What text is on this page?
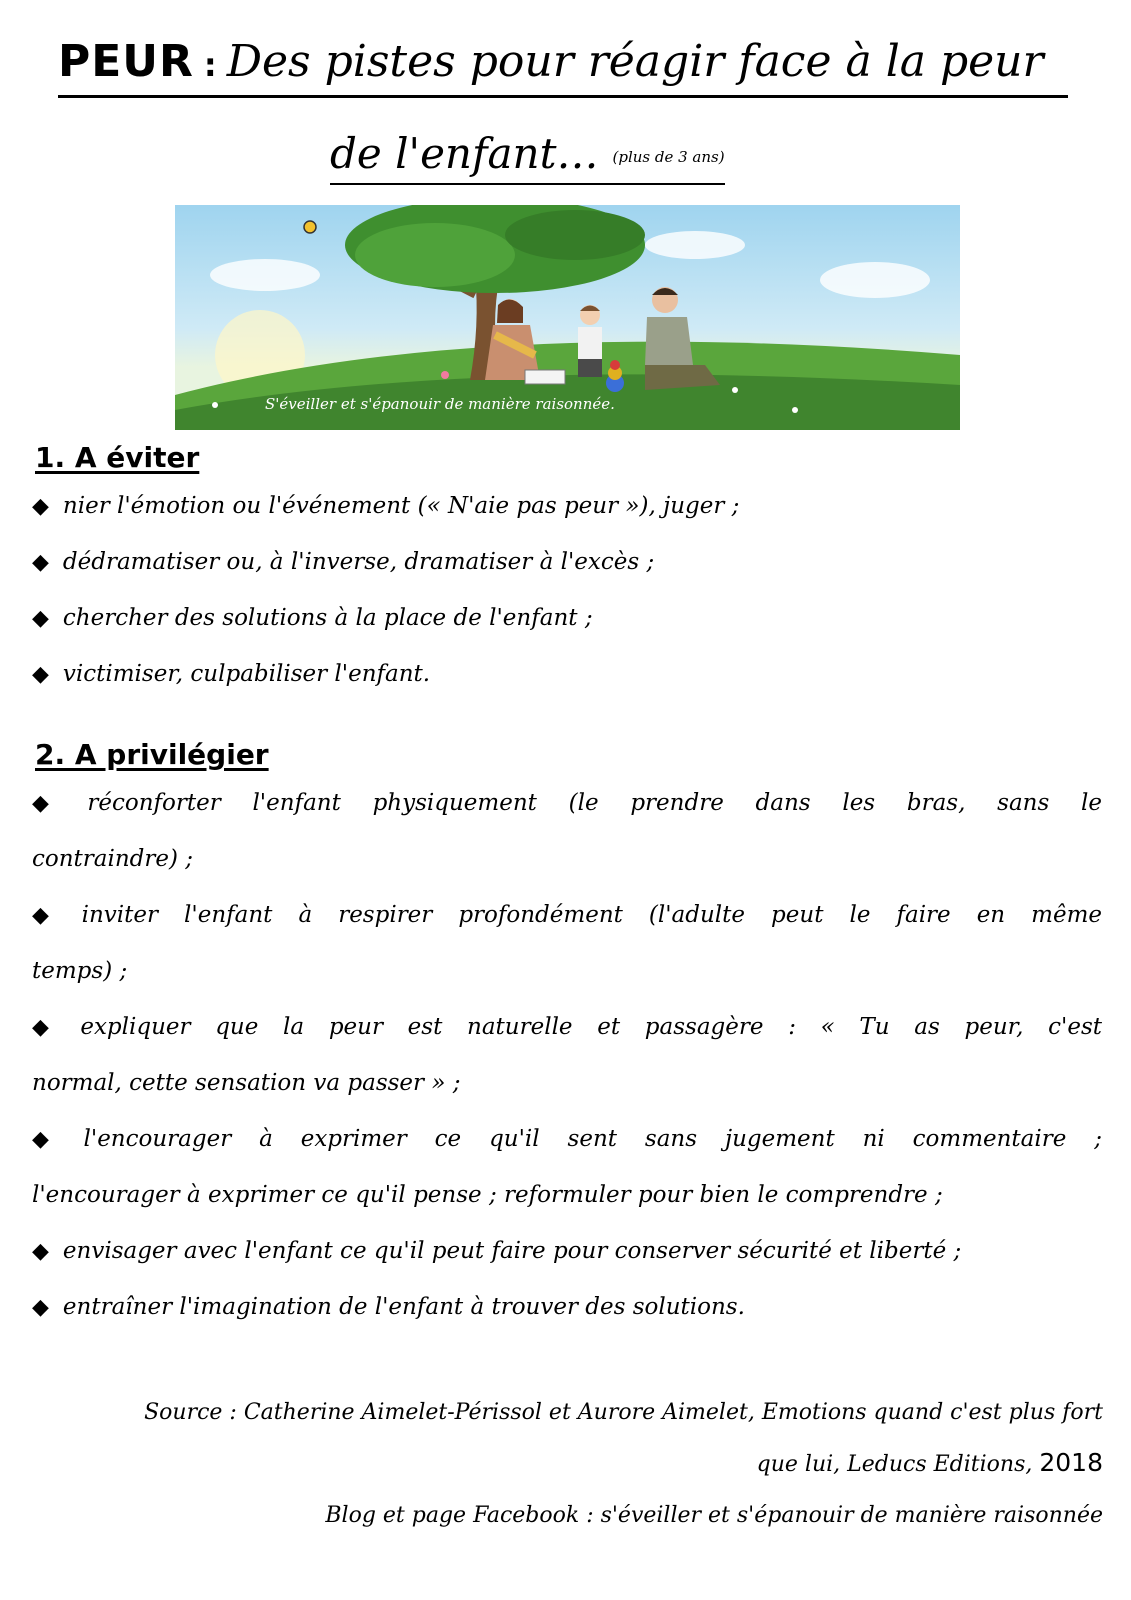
PEUR : Des pistes pour réagir face à la peur
de l'enfant… (plus de 3 ans)
S'éveiller et s'épanouir de manière raisonnée.
1. A éviter
◆ nier l'émotion ou l'événement (« N'aie pas peur »), juger ;
◆ dédramatiser ou, à l'inverse, dramatiser à l'excès ;
◆ chercher des solutions à la place de l'enfant ;
◆ victimiser, culpabiliser l'enfant.
2. A privilégier
◆ réconforter l'enfant physiquement (le prendre dans les bras, sans le
contraindre) ;
◆ inviter l'enfant à respirer profondément (l'adulte peut le faire en même
temps) ;
◆ expliquer que la peur est naturelle et passagère : « Tu as peur, c'est
normal, cette sensation va passer » ;
◆ l'encourager à exprimer ce qu'il sent sans jugement ni commentaire ;
l'encourager à exprimer ce qu'il pense ; reformuler pour bien le comprendre ;
◆ envisager avec l'enfant ce qu'il peut faire pour conserver sécurité et liberté ;
◆ entraîner l'imagination de l'enfant à trouver des solutions.
Source : Catherine Aimelet-Périssol et Aurore Aimelet, Emotions quand c'est plus fort
que lui, Leducs Editions, 2018
Blog et page Facebook : s'éveiller et s'épanouir de manière raisonnée
